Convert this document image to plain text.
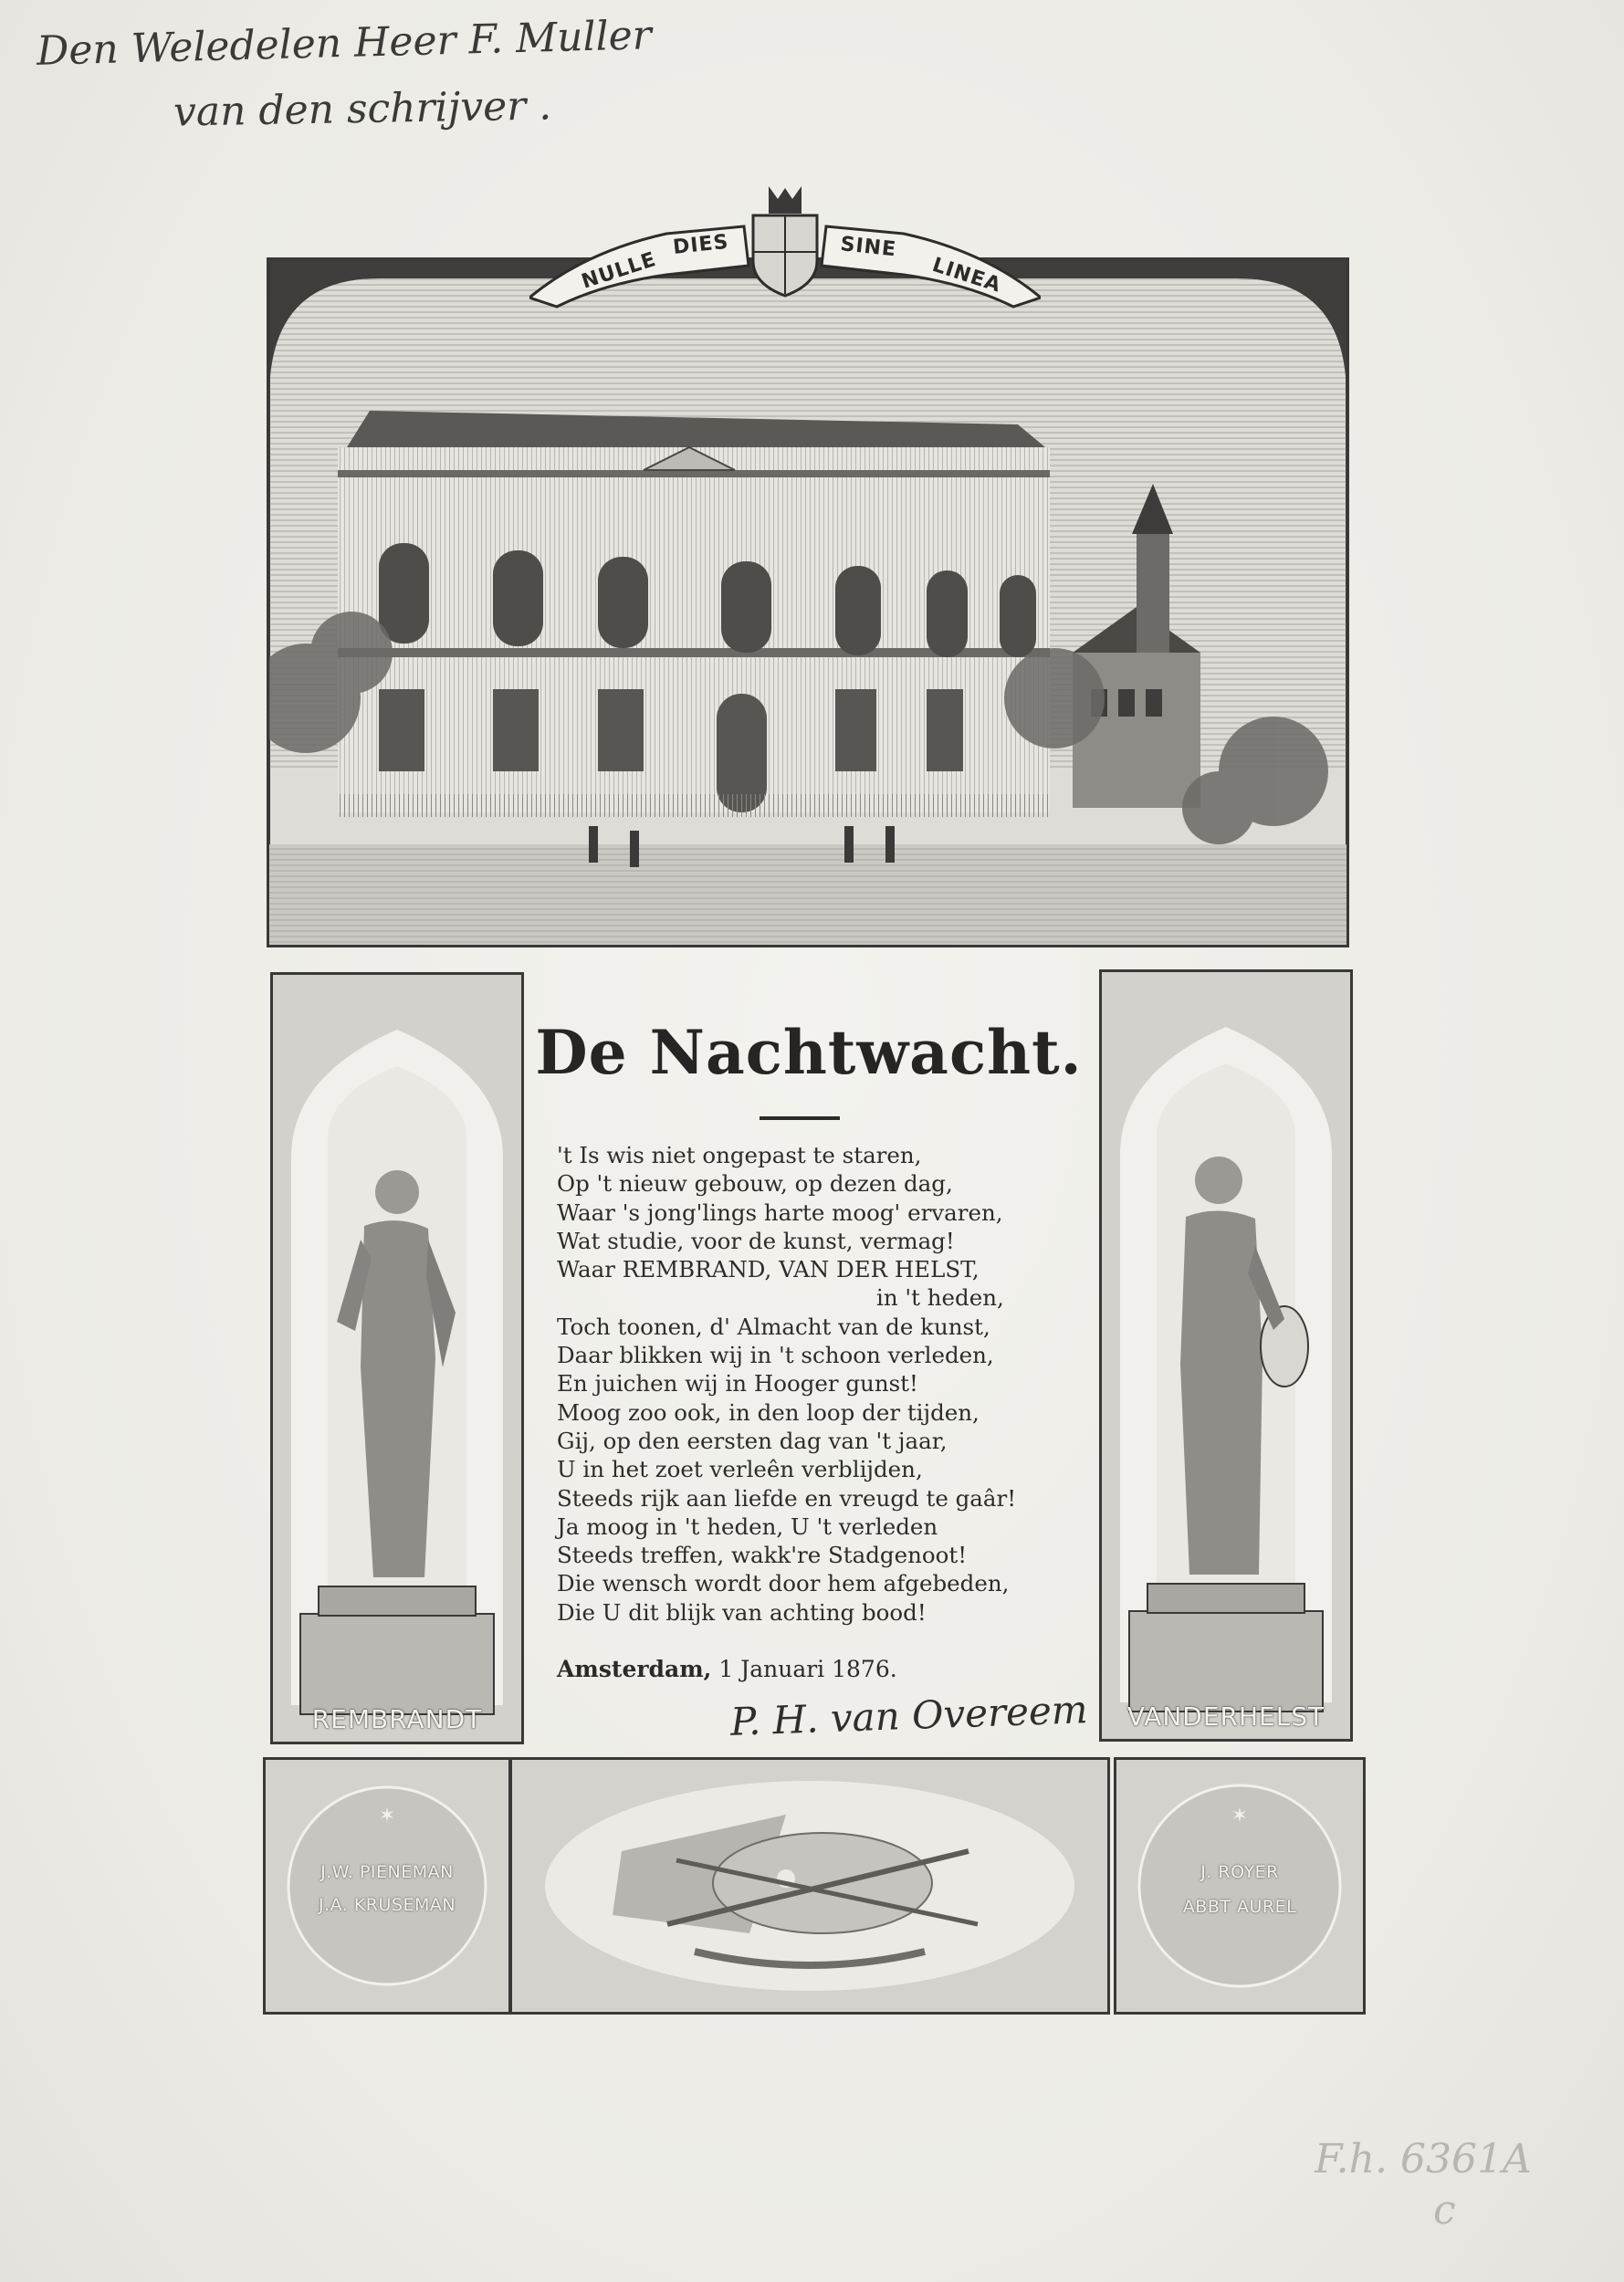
Den Weledelen Heer F. Muller
van den schrijver .
NULLE
DIES	SINE
LINEA
REMBRANDT
De Nachtwacht.
't Is wis niet ongepast te staren,
Op 't nieuw gebouw, op dezen dag,
Waar 's jong'lings harte moog' ervaren,
Wat studie, voor de kunst, vermag!
Waar REMBRAND, VAN DER HELST,
in 't heden,
Toch toonen, d' Almacht van de kunst,
Daar blikken wij in 't schoon verleden,
En juichen wij in Hooger gunst!
Moog zoo ook, in den loop der tijden,
Gij, op den eersten dag van 't jaar,
U in het zoet verleên verblijden,
Steeds rijk aan liefde en vreugd te gaâr!
Ja moog in 't heden, U 't verleden
Steeds treffen, wakk're Stadgenoot!
Die wensch wordt door hem afgebeden,
Die U dit blijk van achting bood!
Amsterdam, 1 Januari 1876.
P. H. van Overeem	VANDERHELST
✶
J.W. PIENEMAN
J.A. KRUSEMAN
✶
J. ROYER
ABBT AUREL
F.h. 6361A
c
